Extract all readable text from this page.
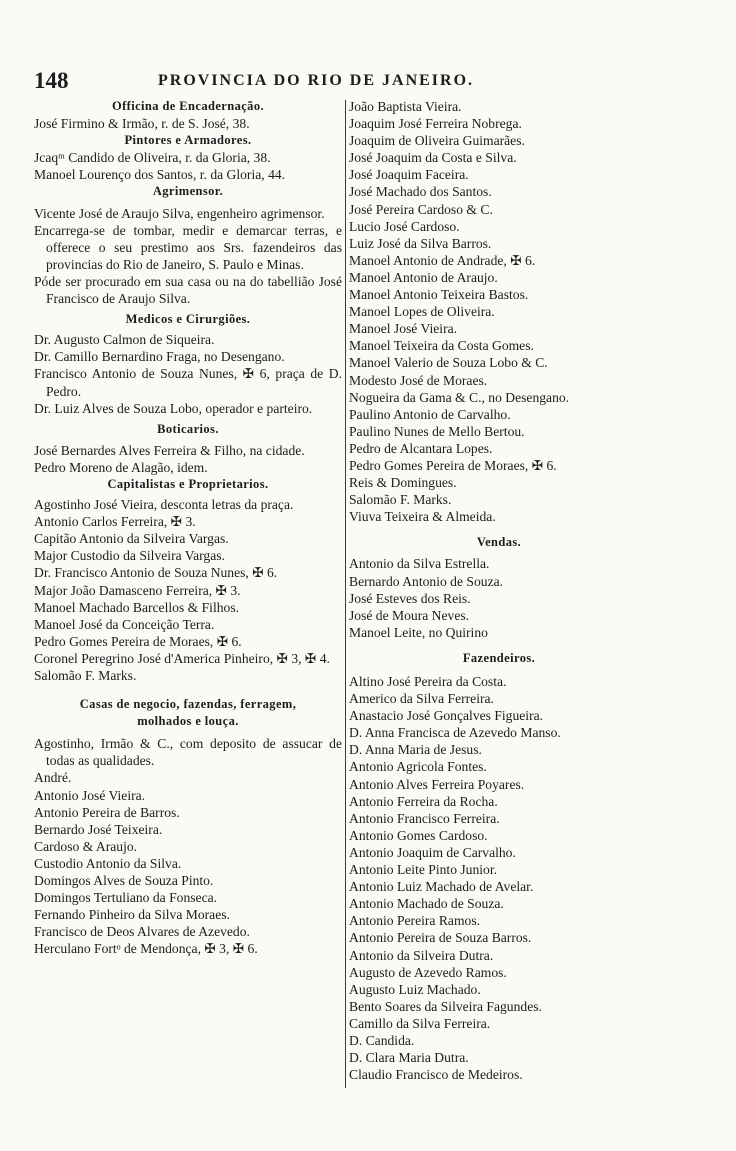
148	PROVINCIA DO RIO DE JANEIRO.
Officina de Encadernação.
José Firmino & Irmão, r. de S. José, 38.
Pintores e Armadores.
Jcaqᵐ Candido de Oliveira, r. da Gloria, 38.
Manoel Lourenço dos Santos, r. da Gloria, 44.
Agrimensor.
Vicente José de Araujo Silva, engenheiro agrimensor.
Encarrega-se de tombar, medir e demarcar terras, e offerece o seu prestimo aos Srs. fazendeiros das provincias do Rio de Janeiro, S. Paulo e Minas.
Póde ser procurado em sua casa ou na do tabellião José Francisco de Araujo Silva.
Medicos e Cirurgiões.
Dr. Augusto Calmon de Siqueira.
Dr. Camillo Bernardino Fraga, no Desengano.
Francisco Antonio de Souza Nunes, ✠ 6, praça de D. Pedro.
Dr. Luiz Alves de Souza Lobo, operador e parteiro.
Boticarios.
José Bernardes Alves Ferreira & Filho, na cidade.
Pedro Moreno de Alagão, idem.
Capitalistas e Proprietarios.
Agostinho José Vieira, desconta letras da praça.
Antonio Carlos Ferreira, ✠ 3.
Capitão Antonio da Silveira Vargas.
Major Custodio da Silveira Vargas.
Dr. Francisco Antonio de Souza Nunes, ✠ 6.
Major João Damasceno Ferreira, ✠ 3.
Manoel Machado Barcellos & Filhos.
Manoel José da Conceição Terra.
Pedro Gomes Pereira de Moraes, ✠ 6.
Coronel Peregrino José d'America Pinheiro, ✠ 3, ✠ 4.
Salomão F. Marks.
Casas de negocio, fazendas, ferragem,
molhados e louça.
Agostinho, Irmão & C., com deposito de assucar de todas as qualidades.
André.
Antonio José Vieira.
Antonio Pereira de Barros.
Bernardo José Teixeira.
Cardoso & Araujo.
Custodio Antonio da Silva.
Domingos Alves de Souza Pinto.
Domingos Tertuliano da Fonseca.
Fernando Pinheiro da Silva Moraes.
Francisco de Deos Alvares de Azevedo.
Herculano Fortᵒ de Mendonça, ✠ 3, ✠ 6.
João Baptista Vieira.
Joaquim José Ferreira Nobrega.
Joaquim de Oliveira Guimarães.
José Joaquim da Costa e Silva.
José Joaquim Faceira.
José Machado dos Santos.
José Pereira Cardoso & C.
Lucio José Cardoso.
Luiz José da Silva Barros.
Manoel Antonio de Andrade, ✠ 6.
Manoel Antonio de Araujo.
Manoel Antonio Teixeira Bastos.
Manoel Lopes de Oliveira.
Manoel José Vieira.
Manoel Teixeira da Costa Gomes.
Manoel Valerio de Souza Lobo & C.
Modesto José de Moraes.
Nogueira da Gama & C., no Desengano.
Paulino Antonio de Carvalho.
Paulino Nunes de Mello Bertou.
Pedro de Alcantara Lopes.
Pedro Gomes Pereira de Moraes, ✠ 6.
Reis & Domingues.
Salomão F. Marks.
Viuva Teixeira & Almeida.
Vendas.
Antonio da Silva Estrella.
Bernardo Antonio de Souza.
José Esteves dos Reis.
José de Moura Neves.
Manoel Leite, no Quirino
Fazendeiros.
Altino José Pereira da Costa.
Americo da Silva Ferreira.
Anastacio José Gonçalves Figueira.
D. Anna Francisca de Azevedo Manso.
D. Anna Maria de Jesus.
Antonio Agricola Fontes.
Antonio Alves Ferreira Poyares.
Antonio Ferreira da Rocha.
Antonio Francisco Ferreira.
Antonio Gomes Cardoso.
Antonio Joaquim de Carvalho.
Antonio Leite Pinto Junior.
Antonio Luiz Machado de Avelar.
Antonio Machado de Souza.
Antonio Pereira Ramos.
Antonio Pereira de Souza Barros.
Antonio da Silveira Dutra.
Augusto de Azevedo Ramos.
Augusto Luiz Machado.
Bento Soares da Silveira Fagundes.
Camillo da Silva Ferreira.
D. Candida.
D. Clara Maria Dutra.
Claudio Francisco de Medeiros.
